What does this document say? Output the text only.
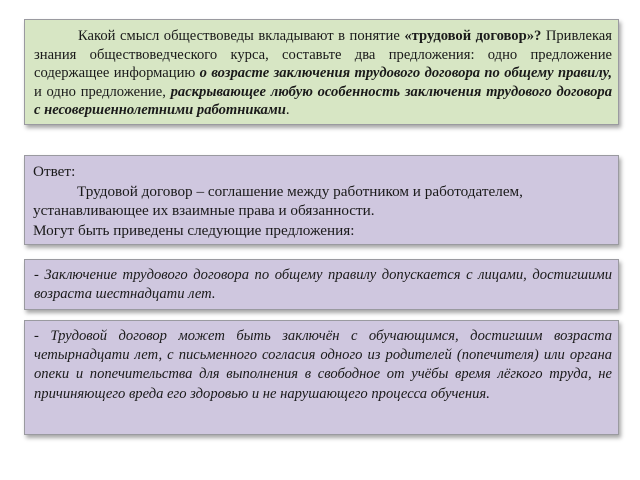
Какой смысл обществоведы вкладывают в понятие «трудовой договор»? Привлекая знания обществоведческого курса, составьте два предложения: одно предложение содержащее информацию о возрасте заключения трудового договора по общему правилу, и одно предложение, раскрывающее любую особенность заключения трудового договора с несовершеннолетними работниками.
Ответ:
Трудовой договор – соглашение между работником и работодателем, устанавливающее их взаимные права и обязанности.
Могут быть приведены следующие предложения:
- Заключение трудового договора по общему правилу допускается с лицами, достигшими возраста шестнадцати лет.
- Трудовой договор может быть заключён с обучающимся, достигшим возраста четырнадцати лет, с письменного согласия одного из родителей (попечителя) или органа опеки и попечительства для выполнения в свободное от учёбы время лёгкого труда, не причиняющего вреда его здоровью и не нарушающего процесса обучения.
